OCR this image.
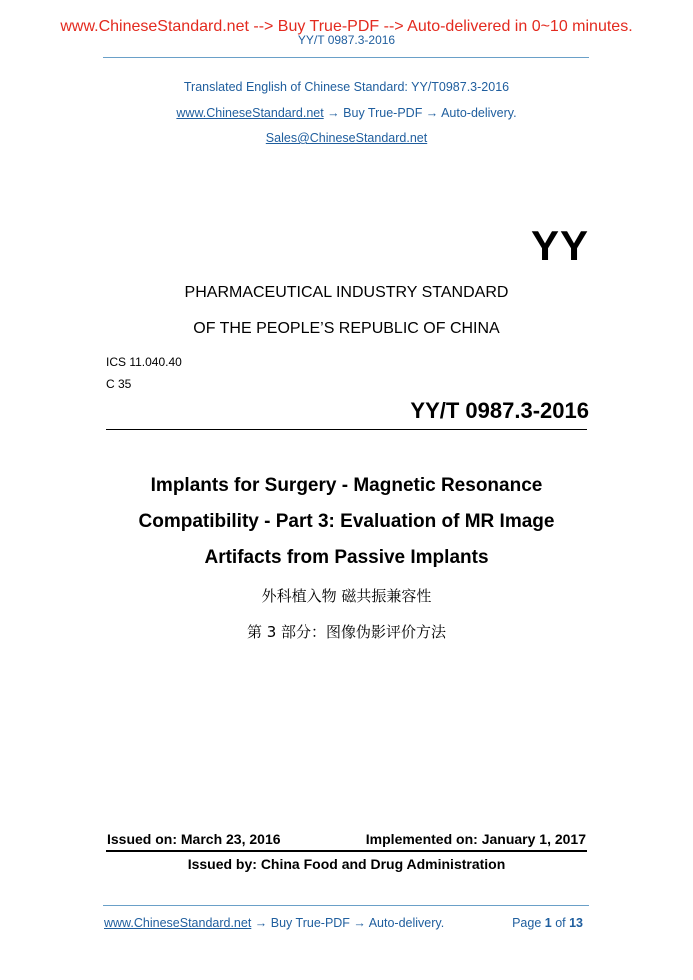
www.ChineseStandard.net --> Buy True-PDF --> Auto-delivered in 0~10 minutes.
YY/T 0987.3-2016
Translated English of Chinese Standard: YY/T0987.3-2016
www.ChineseStandard.net → Buy True-PDF → Auto-delivery.
Sales@ChineseStandard.net
YY
PHARMACEUTICAL INDUSTRY STANDARD
OF THE PEOPLE’S REPUBLIC OF CHINA
ICS 11.040.40
C 35
YY/T 0987.3-2016
Implants for Surgery - Magnetic Resonance
Compatibility - Part 3: Evaluation of MR Image
Artifacts from Passive Implants
外科植入物 磁共振兼容性
第 3 部分：图像伪影评价方法
Issued on: March 23, 2016	Implemented on: January 1, 2017
Issued by: China Food and Drug Administration
www.ChineseStandard.net → Buy True-PDF → Auto-delivery.	Page 1 of 13
